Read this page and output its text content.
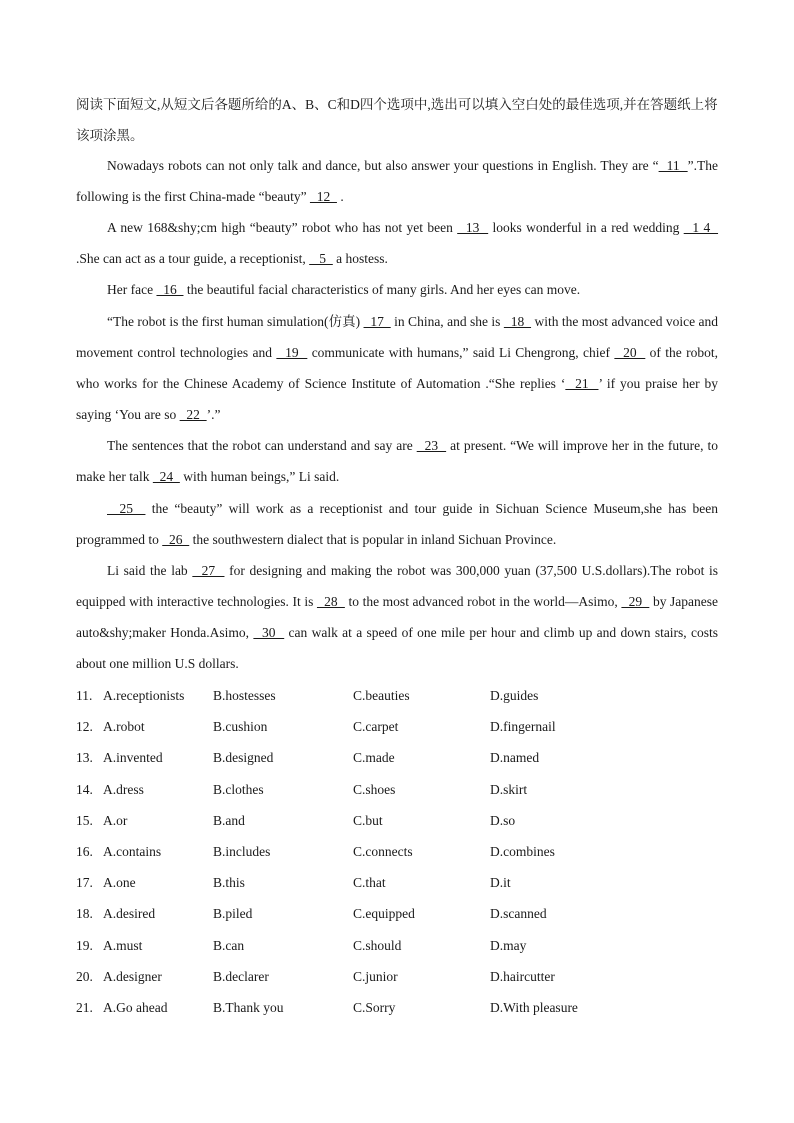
阅读下面短文,从短文后各题所给的A、B、C和D四个选项中,选出可以填入空白处的最佳选项,并在答题纸上将该项涂黑。

Nowadays robots can not only talk and dance, but also answer your questions in English. They are “  11  ”.The following is the first China-made “beauty”   12   .

A new 168&shy;cm high “beauty” robot who has not yet been   13   looks wonderful in a red wedding   1 4   .She can act as a tour guide, a receptionist,    5   a hostess.

Her face   16   the beautiful facial characteristics of many girls. And her eyes can move.

“The robot is the first human simulation(仿真)   17   in China, and she is   18   with the most advanced voice and movement control technologies and   19   communicate with humans,” said Li Chengrong, chief   20   of the robot, who works for the Chinese Academy of Science Institute of Automation .“She replies ‘  21  ’ if you praise her by saying ‘You are so   22  ’.”

The sentences that the robot can understand and say are   23   at present. “We will improve her in the future, to make her talk   24   with human beings,” Li said.

25   the “beauty” will work as a receptionist and tour guide in Sichuan Science Museum,she has been programmed to   26   the southwestern dialect that is popular in inland Sichuan Province.

Li said the lab   27   for designing and making the robot was 300,000 yuan (37,500 U.S.dollars).The robot is equipped with interactive technologies. It is   28   to the most advanced robot in the world—Asimo,   29   by Japanese auto&shy;maker Honda.Asimo,   30   can walk at a speed of one mile per hour and climb up and down stairs, costs about one million U.S dollars.

11. A.receptionists B.hostesses	C.beauties	D.guides
12. A.robot	B.cushion	C.carpet	D.fingernail
13. A.invented	B.designed	C.made	D.named
14. A.dress	B.clothes	C.shoes	D.skirt
15. A.or	B.and	C.but	D.so
16. A.contains	B.includes	C.connects	D.combines
17. A.one	B.this	C.that	D.it
18. A.desired	B.piled	C.equipped	D.scanned
19. A.must	B.can	C.should	D.may
20. A.designer	B.declarer	C.junior	D.haircutter
21. A.Go ahead	B.Thank you	C.Sorry	D.With pleasure
